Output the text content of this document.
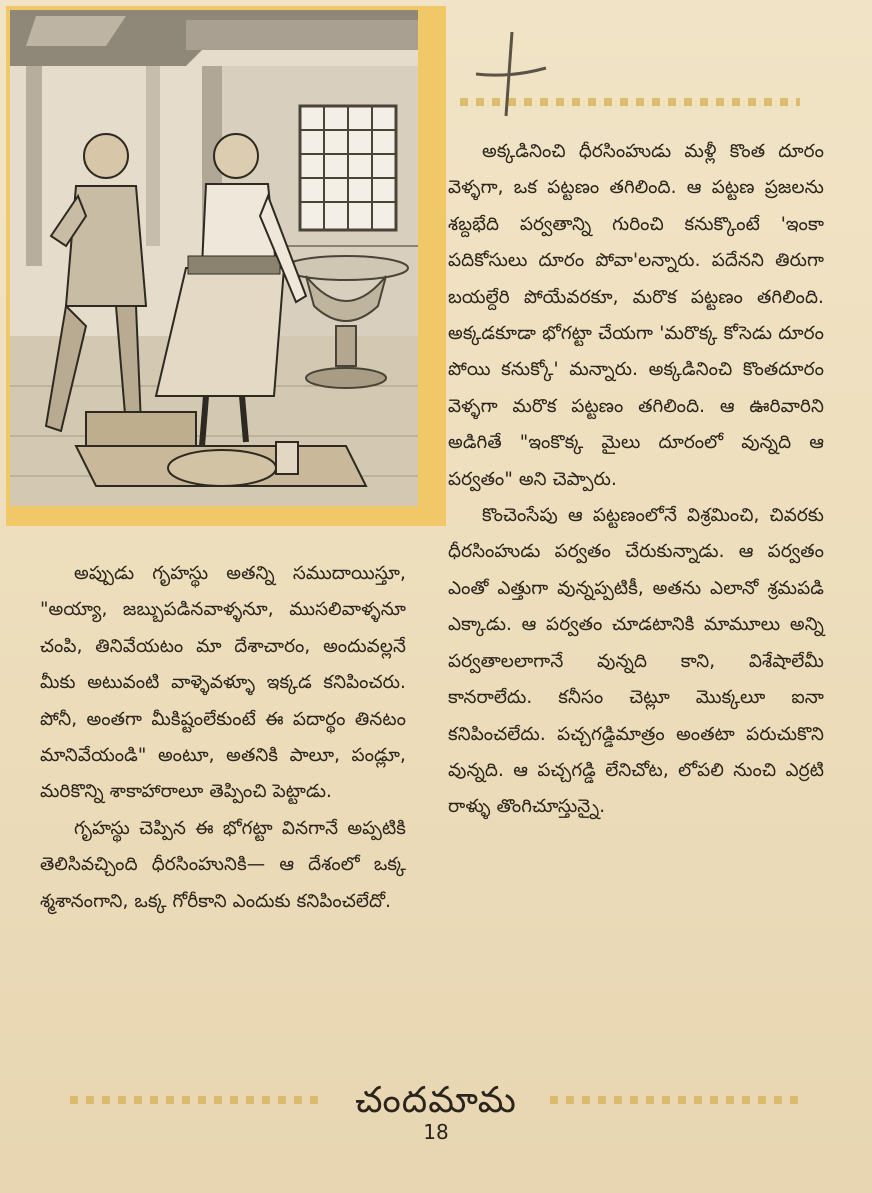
అక్కడినించి ధీరసింహుడు మళ్లీ కొంత దూరం వెళ్ళగా, ఒక పట్టణం తగిలింది. ఆ పట్టణ ప్రజలను శబ్దభేది పర్వతాన్ని గురించి కనుక్కొంటే 'ఇంకా పదికోసులు దూరం పోవా'లన్నారు. పదేనని తిరుగా బయల్దేరి పోయేవరకూ, మరొక పట్టణం తగిలింది. అక్కడకూడా భోగట్టా చేయగా 'మరొక్క కోసెడు దూరం పోయి కనుక్కో' మన్నారు. అక్కడినించి కొంతదూరం వెళ్ళగా మరొక పట్టణం తగిలింది. ఆ ఊరివారిని అడిగితే "ఇంకొక్క మైలు దూరంలో వున్నది ఆ పర్వతం" అని చెప్పారు.

కొంచెంసేపు ఆ పట్టణంలోనే విశ్రమించి, చివరకు ధీరసింహుడు పర్వతం చేరుకున్నాడు. ఆ పర్వతం ఎంతో ఎత్తుగా వున్నప్పటికీ, అతను ఎలానో శ్రమపడి ఎక్కాడు. ఆ పర్వతం చూడటానికి మామూలు అన్ని పర్వతాలలాగానే వున్నది కాని, విశేషాలేమీ కానరాలేదు. కనీసం చెట్లూ మొక్కలూ ఐనా కనిపించలేదు. పచ్చగడ్డిమాత్రం అంతటా పరుచుకొని వున్నది. ఆ పచ్చగడ్డి లేనిచోట, లోపలి నుంచి ఎర్రటి రాళ్ళు తొంగిచూస్తున్నై.

అప్పుడు గృహస్థు అతన్ని సముదాయిస్తూ, "అయ్యా, జబ్బుపడినవాళ్ళనూ, ముసలివాళ్ళనూ చంపి, తినివేయటం మా దేశాచారం, అందువల్లనే మీకు అటువంటి వాళ్ళెవళ్ళూ ఇక్కడ కనిపించరు. పోనీ, అంతగా మీకిష్టంలేకుంటే ఈ పదార్థం తినటం మానివేయండి" అంటూ, అతనికి పాలూ, పండ్లూ, మరికొన్ని శాకాహారాలూ తెప్పించి పెట్టాడు.

గృహస్థు చెప్పిన ఈ భోగట్టా వినగానే అప్పటికి తెలిసివచ్చింది ధీరసింహునికి— ఆ దేశంలో ఒక్క శ్మశానంగాని, ఒక్క గోరీకాని ఎందుకు కనిపించలేదో.

చందమామ
18
